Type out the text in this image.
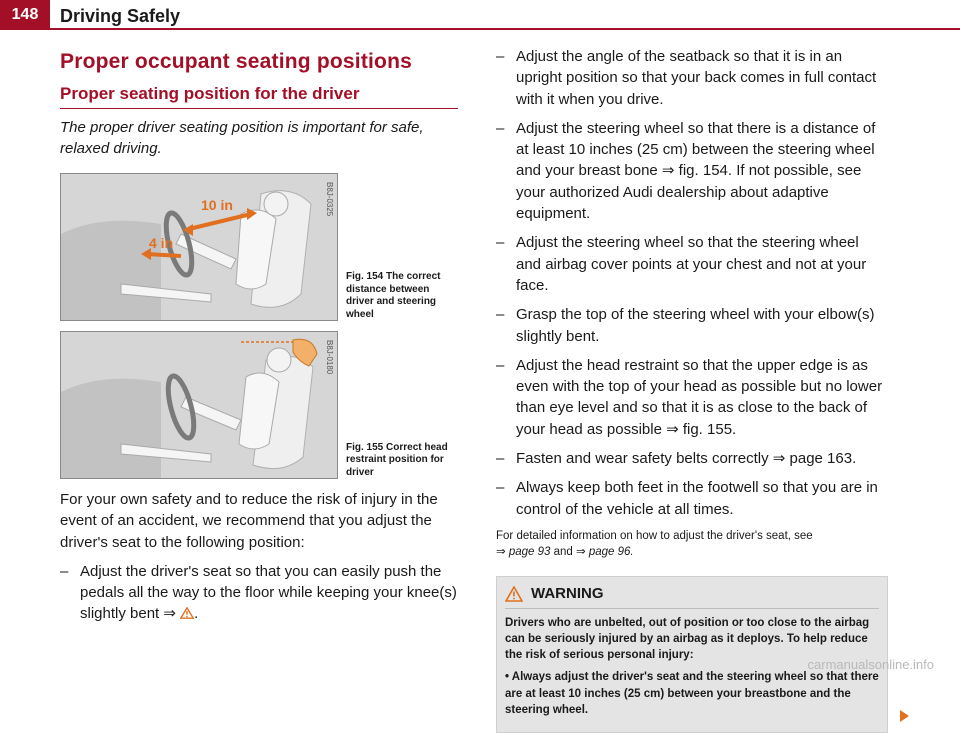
148	Driving Safely
Proper occupant seating positions
Proper seating position for the driver
The proper driver seating position is important for safe, relaxed driving.
10 in
4 in
B8J-0325
Fig. 154 The correct distance between driver and steering wheel
B8J-0180
Fig. 155 Correct head restraint position for driver

For your own safety and to reduce the risk of injury in the event of an accident, we recommend that you adjust the driver's seat to the following position:

– Adjust the driver's seat so that you can easily push the pedals all the way to the floor while keeping your knee(s) slightly bent ⇒ .
– Adjust the angle of the seatback so that it is in an upright position so that your back comes in full contact with it when you drive.
– Adjust the steering wheel so that there is a distance of at least 10 inches (25 cm) between the steering wheel and your breast bone ⇒ fig. 154. If not possible, see your authorized Audi dealership about adaptive equipment.
– Adjust the steering wheel so that the steering wheel and airbag cover points at your chest and not at your face.
– Grasp the top of the steering wheel with your elbow(s) slightly bent.
– Adjust the head restraint so that the upper edge is as even with the top of your head as possible but no lower than eye level and so that it is as close to the back of your head as possible ⇒ fig. 155.
– Fasten and wear safety belts correctly ⇒ page 163.
– Always keep both feet in the footwell so that you are in control of the vehicle at all times.
For detailed information on how to adjust the driver's seat, see
⇒ page 93 and ⇒ page 96.
WARNING

Drivers who are unbelted, out of position or too close to the airbag can be seriously injured by an airbag as it deploys. To help reduce the risk of serious personal injury:

• Always adjust the driver's seat and the steering wheel so that there are at least 10 inches (25 cm) between your breastbone and the steering wheel.

carmanualsonline.info
